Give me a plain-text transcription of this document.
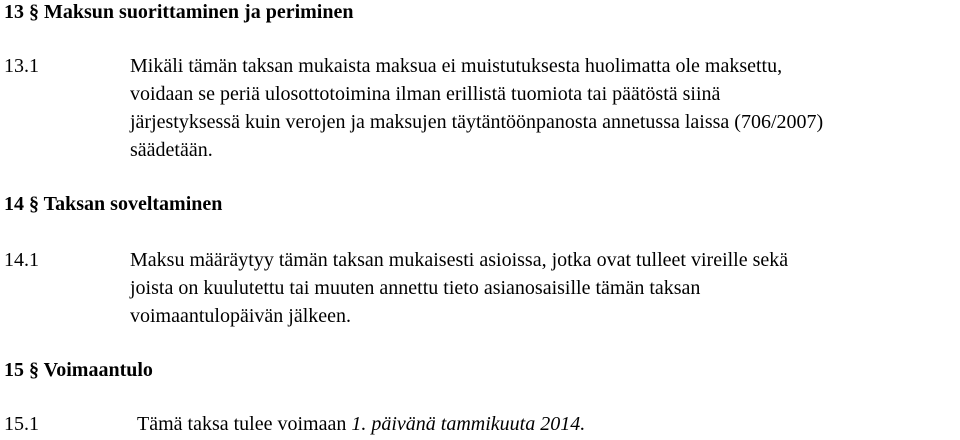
13 § Maksun suorittaminen ja periminen
13.1	Mikäli tämän taksan mukaista maksua ei muistutuksesta huolimatta ole maksettu,
voidaan se periä ulosottotoimina ilman erillistä tuomiota tai päätöstä siinä
järjestyksessä kuin verojen ja maksujen täytäntöönpanosta annetussa laissa (706/2007)
säädetään.
14 § Taksan soveltaminen
14.1	Maksu määräytyy tämän taksan mukaisesti asioissa, jotka ovat tulleet vireille sekä
joista on kuulutettu tai muuten annettu tieto asianosaisille tämän taksan
voimaantulopäivän jälkeen.
15 § Voimaantulo
15.1	Tämä taksa tulee voimaan 1. päivänä tammikuuta 2014.
